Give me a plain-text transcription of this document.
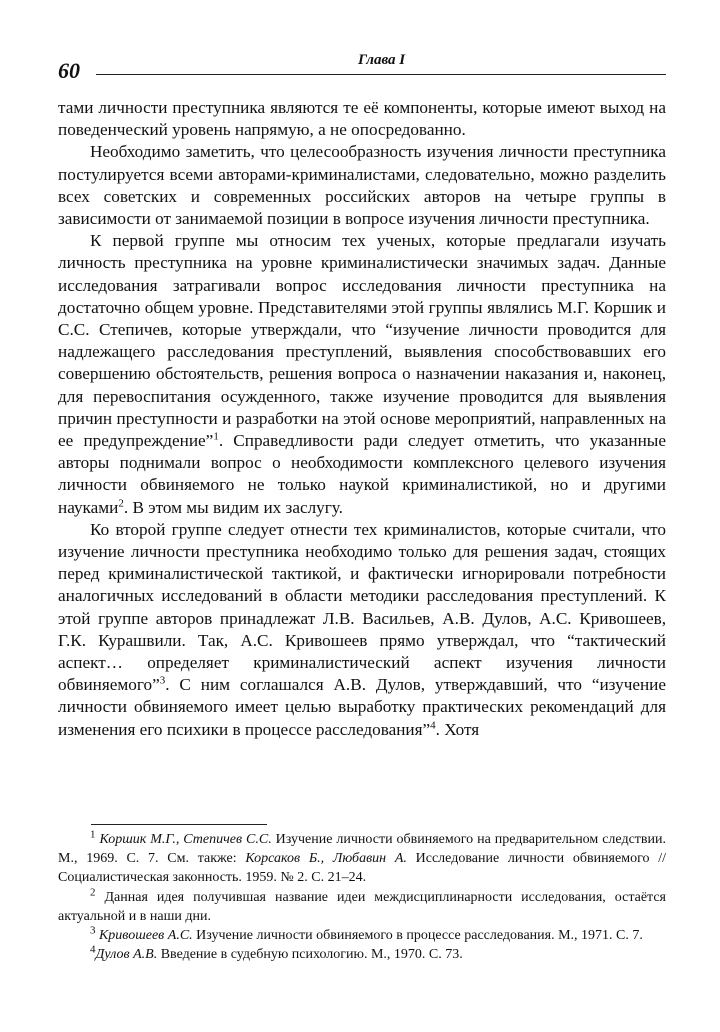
60	Глава I

тами личности преступника являются те её компоненты, которые имеют выход на поведенческий уровень напрямую, а не опосредованно.

Необходимо заметить, что целесообразность изучения личности преступника постулируется всеми авторами-криминалистами, следовательно, можно разделить всех советских и современных российских авторов на четыре группы в зависимости от занимаемой позиции в вопросе изучения личности преступника.

К первой группе мы относим тех ученых, которые предлагали изучать личность преступника на уровне криминалистически значимых задач. Данные исследования затрагивали вопрос исследования личности преступника на достаточно общем уровне. Представителями этой группы являлись М.Г. Коршик и С.С. Степичев, которые утверждали, что “изучение личности проводится для надлежащего расследования преступлений, выявления способствовавших его совершению обстоятельств, решения вопроса о назначении наказания и, наконец, для перевоспитания осужденного, также изучение проводится для выявления причин преступности и разработки на этой основе мероприятий, направленных на ее предупреждение”$^1$. Справедливости ради следует отметить, что указанные авторы поднимали вопрос о необходимости комплексного целевого изучения личности обвиняемого не только наукой криминалистикой, но и другими науками$^2$. В этом мы видим их заслугу.

Ко второй группе следует отнести тех криминалистов, которые считали, что изучение личности преступника необходимо только для решения задач, стоящих перед криминалистической тактикой, и фактически игнорировали потребности аналогичных исследований в области методики расследования преступлений. К этой группе авторов принадлежат Л.В. Васильев, А.В. Дулов, А.С. Кривошеев, Г.К. Курашвили. Так, А.С. Кривошеев прямо утверждал, что “тактический аспект… определяет криминалистический аспект изучения личности обвиняемого”$^3$. С ним соглашался А.В. Дулов, утверждавший, что “изучение личности обвиняемого имеет целью выработку практических рекомендаций для изменения его психики в процессе расследования”$^4$. Хотя

$^1$ Коршик М.Г., Степичев С.С. Изучение личности обвиняемого на предварительном следствии. М., 1969. С. 7. См. также: Корсаков Б., Любавин А. Исследование личности обвиняемого // Социалистическая законность. 1959. № 2. С. 21–24.

$^2$ Данная идея получившая название идеи междисциплинарности исследования, остаётся актуальной и в наши дни.

$^3$ Кривошеев А.С. Изучение личности обвиняемого в процессе расследования. М., 1971. С. 7.

$^4$Дулов А.В. Введение в судебную психологию. М., 1970. С. 73.
